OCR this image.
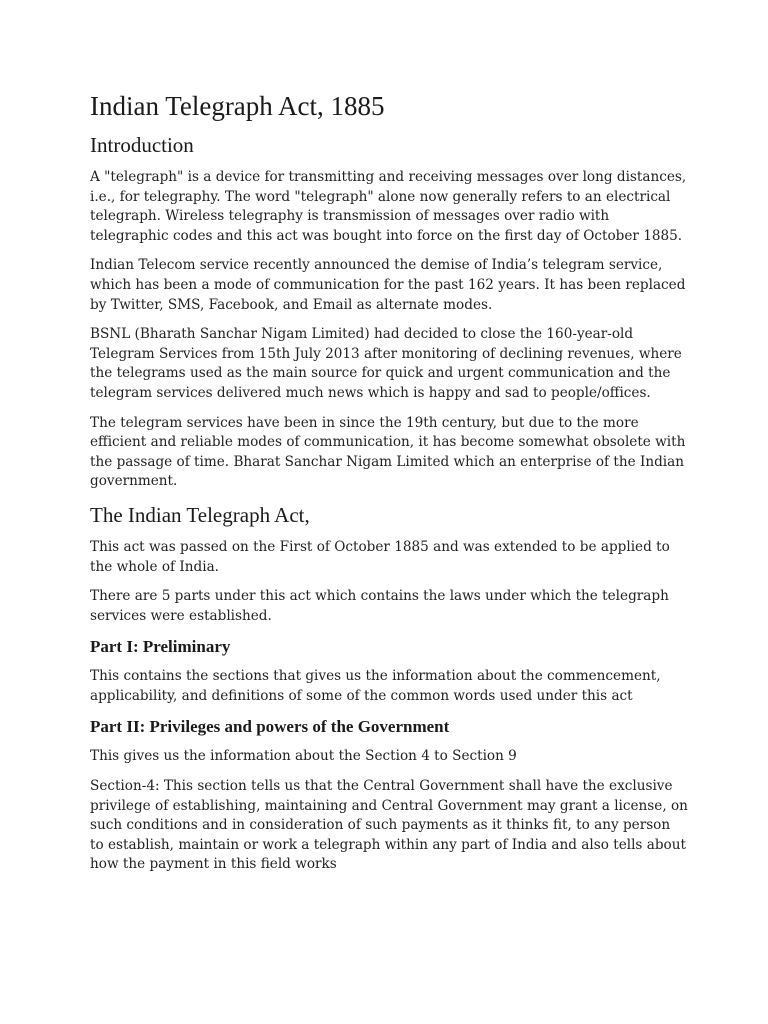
Indian Telegraph Act, 1885
Introduction

A "telegraph" is a device for transmitting and receiving messages over long distances, i.e., for telegraphy. The word "telegraph" alone now generally refers to an electrical telegraph. Wireless telegraphy is transmission of messages over radio with telegraphic codes and this act was bought into force on the first day of October 1885.

Indian Telecom service recently announced the demise of India’s telegram service, which has been a mode of communication for the past 162 years. It has been replaced by Twitter, SMS, Facebook, and Email as alternate modes.

BSNL (Bharath Sanchar Nigam Limited) had decided to close the 160-year-old Telegram Services from 15th July 2013 after monitoring of declining revenues, where the telegrams used as the main source for quick and urgent communication and the telegram services delivered much news which is happy and sad to people/offices.

The telegram services have been in since the 19th century, but due to the more efficient and reliable modes of communication, it has become somewhat obsolete with the passage of time. Bharat Sanchar Nigam Limited which an enterprise of the Indian government.

The Indian Telegraph Act,

This act was passed on the First of October 1885 and was extended to be applied to the whole of India.

There are 5 parts under this act which contains the laws under which the telegraph services were established.

Part I: Preliminary

This contains the sections that gives us the information about the commencement, applicability, and definitions of some of the common words used under this act

Part II: Privileges and powers of the Government

This gives us the information about the Section 4 to Section 9

Section-4: This section tells us that the Central Government shall have the exclusive privilege of establishing, maintaining and Central Government may grant a license, on such conditions and in consideration of such payments as it thinks fit, to any person to establish, maintain or work a telegraph within any part of India and also tells about how the payment in this field works
